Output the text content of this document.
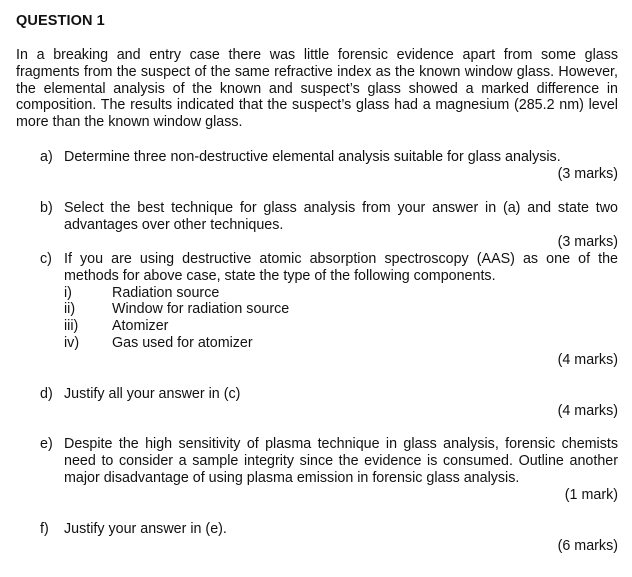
QUESTION 1
In a breaking and entry case there was little forensic evidence apart from some glass fragments from the suspect of the same refractive index as the known window glass. However, the elemental analysis of the known and suspect’s glass showed a marked difference in composition. The results indicated that the suspect’s glass had a magnesium (285.2 nm) level more than the known window glass.
a) Determine three non-destructive elemental analysis suitable for glass analysis.
(3 marks)
b) Select the best technique for glass analysis from your answer in (a) and state two advantages over other techniques.
(3 marks)
c) If you are using destructive atomic absorption spectroscopy (AAS) as one of the methods for above case, state the type of the following components.
i)	Radiation source
ii)	Window for radiation source
iii) Atomizer
iv) Gas used for atomizer
(4 marks)
d) Justify all your answer in (c)
(4 marks)
e) Despite the high sensitivity of plasma technique in glass analysis, forensic chemists need to consider a sample integrity since the evidence is consumed. Outline another major disadvantage of using plasma emission in forensic glass analysis.
(1 mark)
f) Justify your answer in (e).
(6 marks)
